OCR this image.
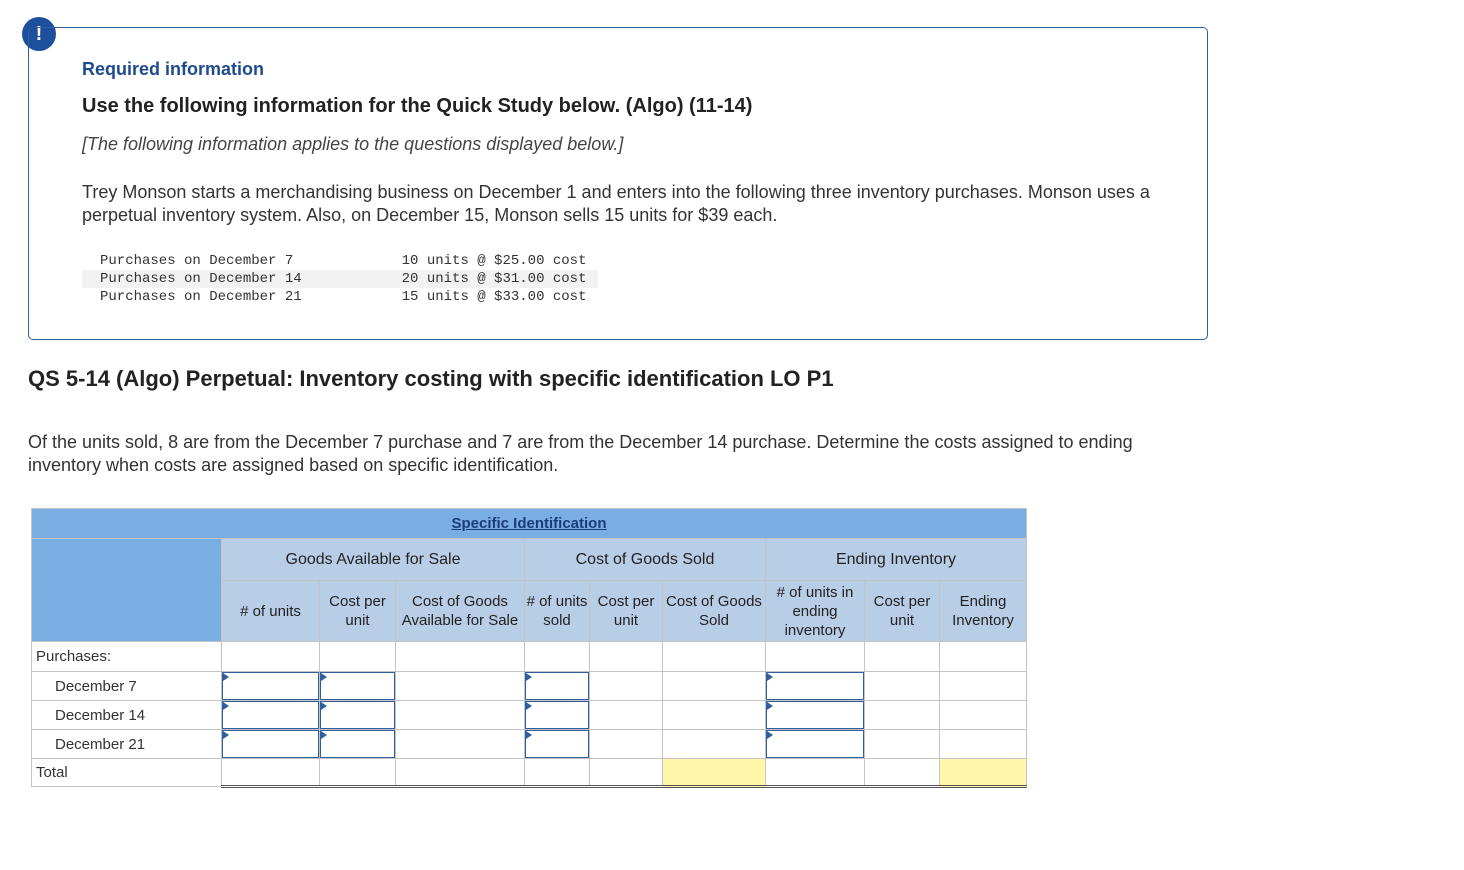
!
Required information
Use the following information for the Quick Study below. (Algo) (11-14)
[The following information applies to the questions displayed below.]
Trey Monson starts a merchandising business on December 1 and enters into the following three inventory purchases. Monson uses a perpetual inventory system. Also, on December 15, Monson sells 15 units for $39 each.
Purchases on December 7	10 units @ $25.00 cost
Purchases on December 14	20 units @ $31.00 cost
Purchases on December 21	15 units @ $33.00 cost
QS 5-14 (Algo) Perpetual: Inventory costing with specific identification LO P1
Of the units sold, 8 are from the December 7 purchase and 7 are from the December 14 purchase. Determine the costs assigned to ending inventory when costs are assigned based on specific identification.
Specific Identification									
	Goods Available for Sale			Cost of Goods Sold			Ending Inventory		
	# of units	Cost per unit	Cost of Goods Available for Sale	# of units sold	Cost per unit	Cost of Goods Sold	# of units in ending inventory	Cost per unit	Ending Inventory
Purchases:									
December 7	

December 14	

December 21	

Total									
